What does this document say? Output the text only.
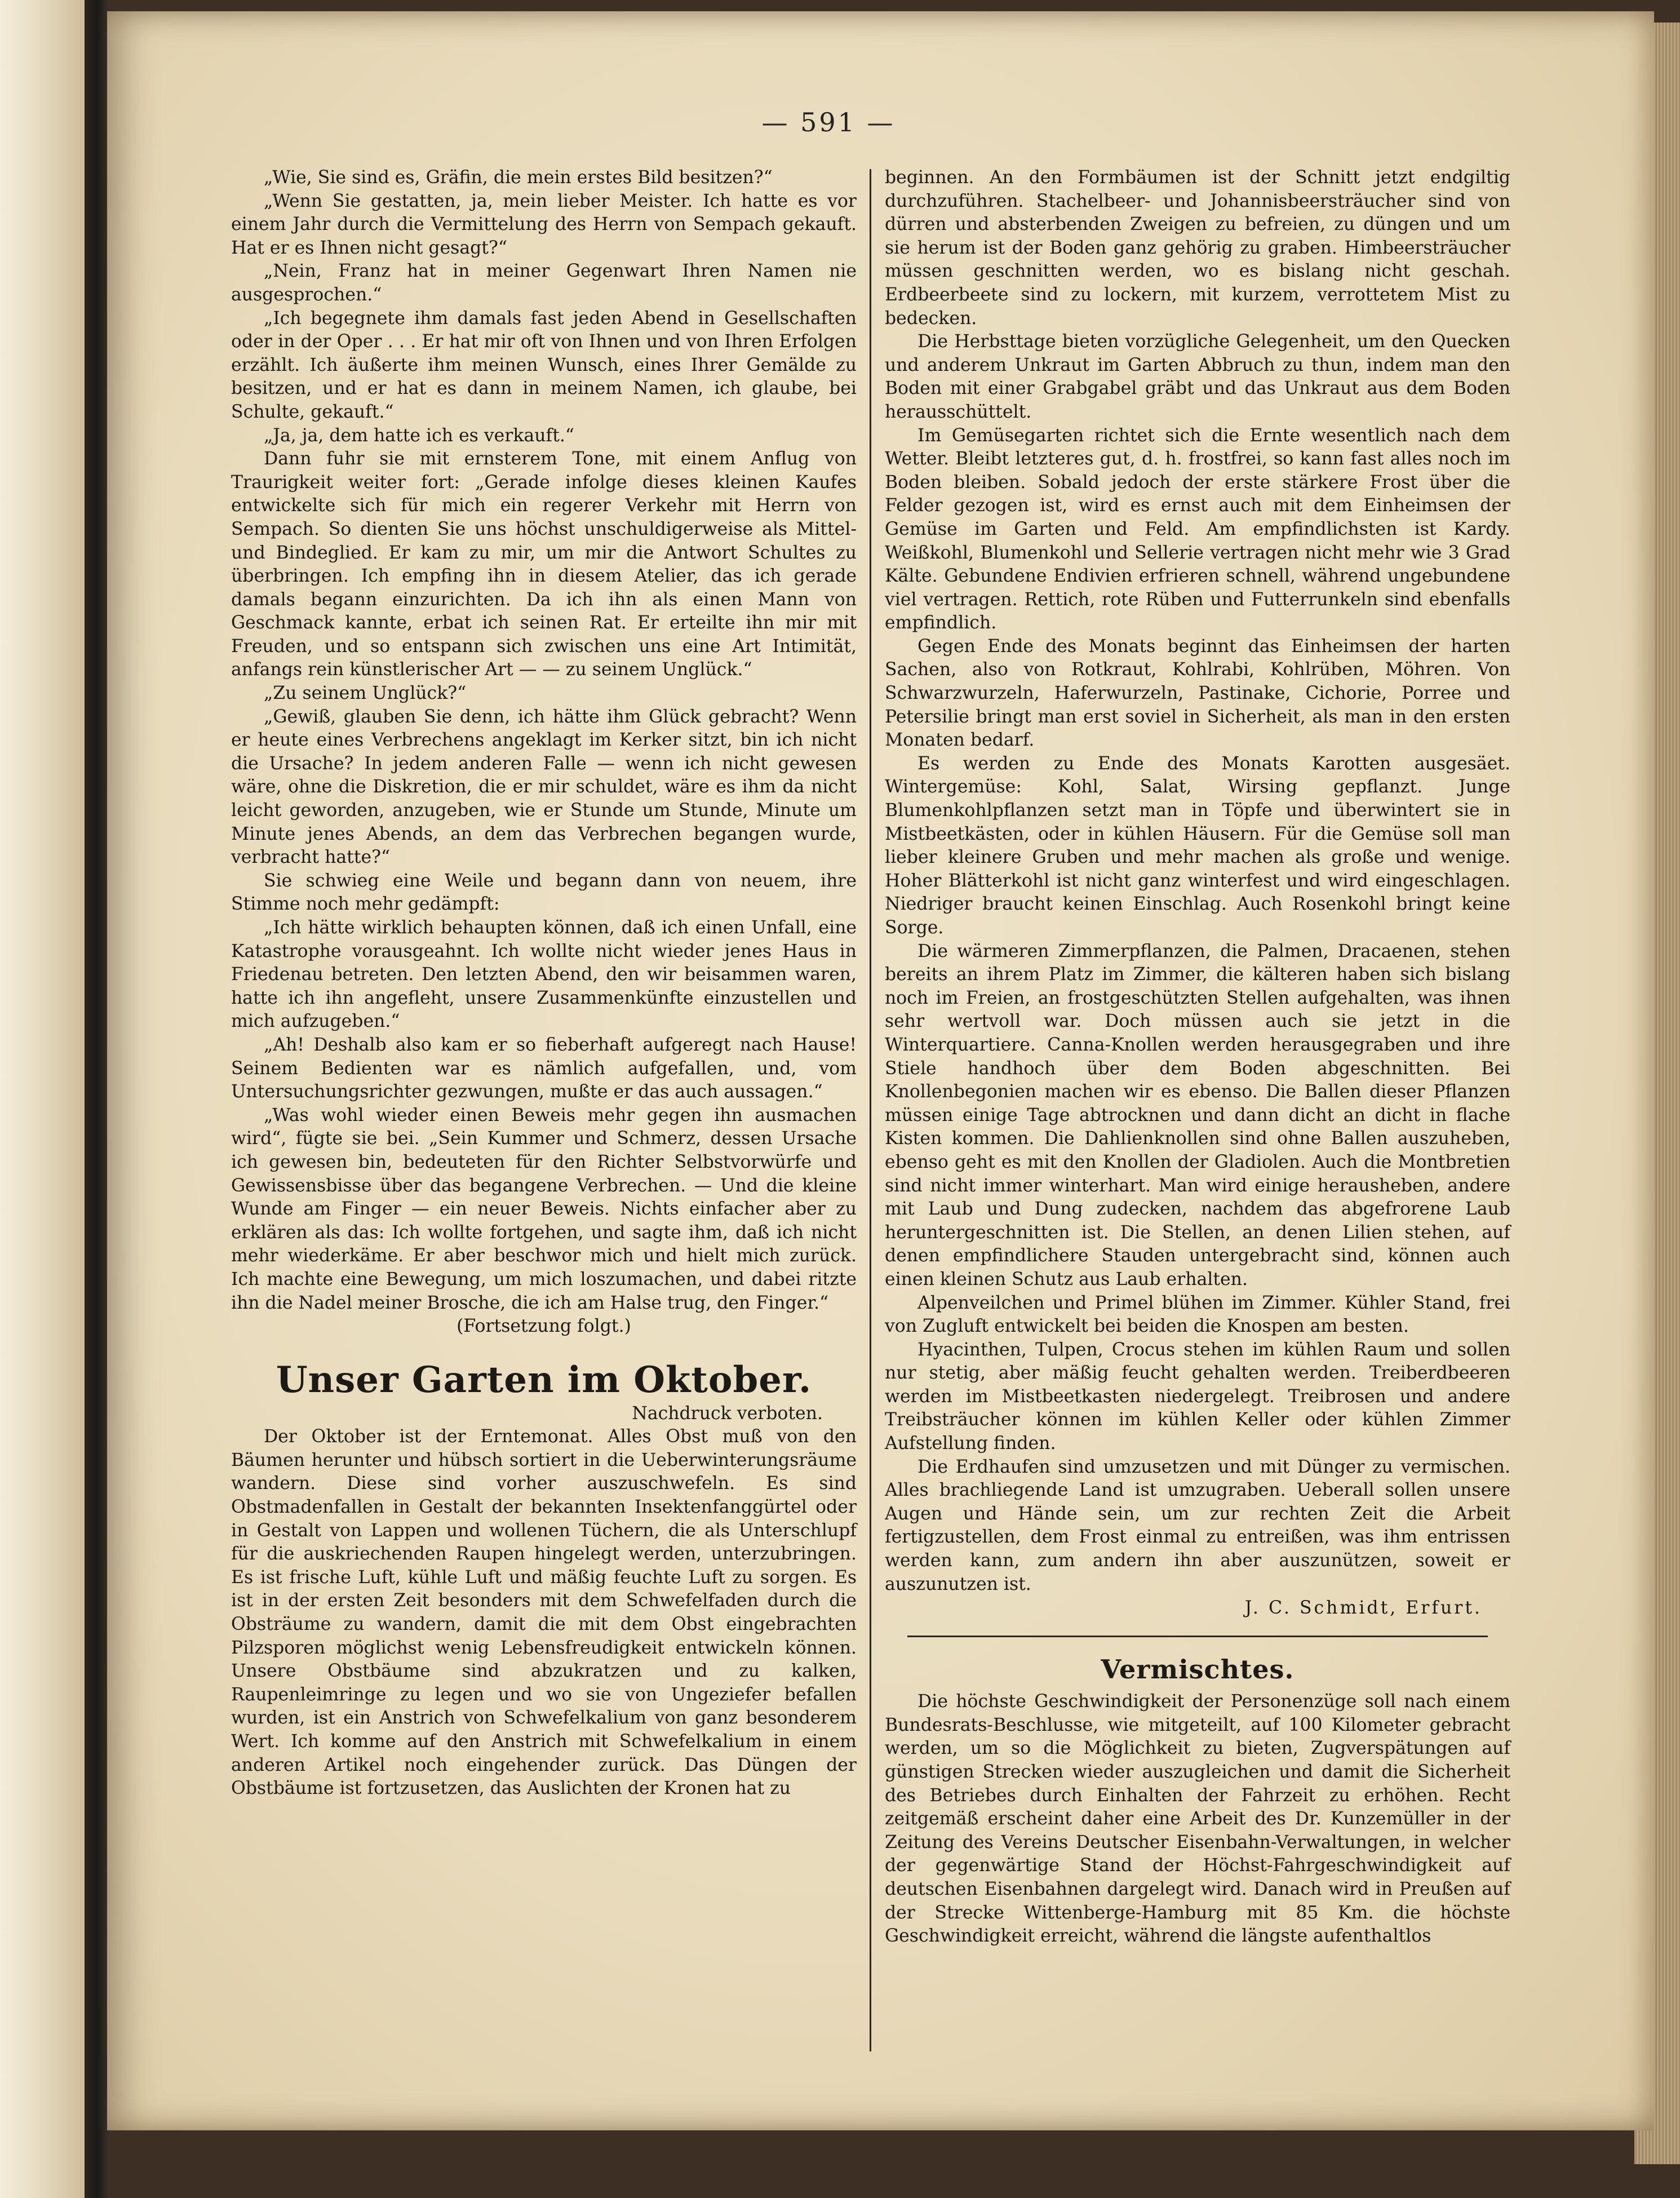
— 591 —

„Wie, Sie sind es, Gräfin, die mein erstes Bild besitzen?“

„Wenn Sie gestatten, ja, mein lieber Meister. Ich hatte es vor einem Jahr durch die Vermittelung des Herrn von Sempach gekauft. Hat er es Ihnen nicht gesagt?“

„Nein, Franz hat in meiner Gegenwart Ihren Namen nie ausgesprochen.“

„Ich begegnete ihm damals fast jeden Abend in Gesellschaften oder in der Oper . . . Er hat mir oft von Ihnen und von Ihren Erfolgen erzählt. Ich äußerte ihm meinen Wunsch, eines Ihrer Gemälde zu besitzen, und er hat es dann in meinem Namen, ich glaube, bei Schulte, gekauft.“

„Ja, ja, dem hatte ich es verkauft.“

Dann fuhr sie mit ernsterem Tone, mit einem Anflug von Traurigkeit weiter fort: „Gerade infolge dieses kleinen Kaufes entwickelte sich für mich ein regerer Verkehr mit Herrn von Sempach. So dienten Sie uns höchst unschuldigerweise als Mittel- und Bindeglied. Er kam zu mir, um mir die Antwort Schultes zu überbringen. Ich empfing ihn in diesem Atelier, das ich gerade damals begann einzurichten. Da ich ihn als einen Mann von Geschmack kannte, erbat ich seinen Rat. Er erteilte ihn mir mit Freuden, und so entspann sich zwischen uns eine Art Intimität, anfangs rein künstlerischer Art — — zu seinem Unglück.“

„Zu seinem Unglück?“

„Gewiß, glauben Sie denn, ich hätte ihm Glück gebracht? Wenn er heute eines Verbrechens angeklagt im Kerker sitzt, bin ich nicht die Ursache? In jedem anderen Falle — wenn ich nicht gewesen wäre, ohne die Diskretion, die er mir schuldet, wäre es ihm da nicht leicht geworden, anzugeben, wie er Stunde um Stunde, Minute um Minute jenes Abends, an dem das Verbrechen begangen wurde, verbracht hatte?“

Sie schwieg eine Weile und begann dann von neuem, ihre Stimme noch mehr gedämpft:

„Ich hätte wirklich behaupten können, daß ich einen Unfall, eine Katastrophe vorausgeahnt. Ich wollte nicht wieder jenes Haus in Friedenau betreten. Den letzten Abend, den wir beisammen waren, hatte ich ihn angefleht, unsere Zusammenkünfte einzustellen und mich aufzugeben.“

„Ah! Deshalb also kam er so fieberhaft aufgeregt nach Hause! Seinem Bedienten war es nämlich aufgefallen, und, vom Untersuchungsrichter gezwungen, mußte er das auch aussagen.“

„Was wohl wieder einen Beweis mehr gegen ihn ausmachen wird“, fügte sie bei. „Sein Kummer und Schmerz, dessen Ursache ich gewesen bin, bedeuteten für den Richter Selbstvorwürfe und Gewissensbisse über das begangene Verbrechen. — Und die kleine Wunde am Finger — ein neuer Beweis. Nichts einfacher aber zu erklären als das: Ich wollte fortgehen, und sagte ihm, daß ich nicht mehr wiederkäme. Er aber beschwor mich und hielt mich zurück. Ich machte eine Bewegung, um mich loszumachen, und dabei ritzte ihn die Nadel meiner Brosche, die ich am Halse trug, den Finger.“

(Fortsetzung folgt.)

Unser Garten im Oktober.

Nachdruck verboten.

Der Oktober ist der Erntemonat. Alles Obst muß von den Bäumen herunter und hübsch sortiert in die Ueberwinterungsräume wandern. Diese sind vorher auszuschwefeln. Es sind Obstmadenfallen in Gestalt der bekannten Insektenfanggürtel oder in Gestalt von Lappen und wollenen Tüchern, die als Unterschlupf für die auskriechenden Raupen hingelegt werden, unterzubringen. Es ist frische Luft, kühle Luft und mäßig feuchte Luft zu sorgen. Es ist in der ersten Zeit besonders mit dem Schwefelfaden durch die Obsträume zu wandern, damit die mit dem Obst eingebrachten Pilzsporen möglichst wenig Lebensfreudigkeit entwickeln können. Unsere Obstbäume sind abzukratzen und zu kalken, Raupenleimringe zu legen und wo sie von Ungeziefer befallen wurden, ist ein Anstrich von Schwefelkalium von ganz besonderem Wert. Ich komme auf den Anstrich mit Schwefelkalium in einem anderen Artikel noch eingehender zurück. Das Düngen der Obstbäume ist fortzusetzen, das Auslichten der Kronen hat zu

beginnen. An den Formbäumen ist der Schnitt jetzt endgiltig durchzuführen. Stachelbeer- und Johannisbeersträucher sind von dürren und absterbenden Zweigen zu befreien, zu düngen und um sie herum ist der Boden ganz gehörig zu graben. Himbeersträucher müssen geschnitten werden, wo es bislang nicht geschah. Erdbeerbeete sind zu lockern, mit kurzem, verrottetem Mist zu bedecken.

Die Herbsttage bieten vorzügliche Gelegenheit, um den Quecken und anderem Unkraut im Garten Abbruch zu thun, indem man den Boden mit einer Grabgabel gräbt und das Unkraut aus dem Boden herausschüttelt.

Im Gemüsegarten richtet sich die Ernte wesentlich nach dem Wetter. Bleibt letzteres gut, d. h. frostfrei, so kann fast alles noch im Boden bleiben. Sobald jedoch der erste stärkere Frost über die Felder gezogen ist, wird es ernst auch mit dem Einheimsen der Gemüse im Garten und Feld. Am empfindlichsten ist Kardy. Weißkohl, Blumenkohl und Sellerie vertragen nicht mehr wie 3 Grad Kälte. Gebundene Endivien erfrieren schnell, während ungebundene viel vertragen. Rettich, rote Rüben und Futterrunkeln sind ebenfalls empfindlich.

Gegen Ende des Monats beginnt das Einheimsen der harten Sachen, also von Rotkraut, Kohlrabi, Kohlrüben, Möhren. Von Schwarzwurzeln, Haferwurzeln, Pastinake, Cichorie, Porree und Petersilie bringt man erst soviel in Sicherheit, als man in den ersten Monaten bedarf.

Es werden zu Ende des Monats Karotten ausgesäet. Wintergemüse: Kohl, Salat, Wirsing gepflanzt. Junge Blumenkohlpflanzen setzt man in Töpfe und überwintert sie in Mistbeetkästen, oder in kühlen Häusern. Für die Gemüse soll man lieber kleinere Gruben und mehr machen als große und wenige. Hoher Blätterkohl ist nicht ganz winterfest und wird eingeschlagen. Niedriger braucht keinen Einschlag. Auch Rosenkohl bringt keine Sorge.

Die wärmeren Zimmerpflanzen, die Palmen, Dracaenen, stehen bereits an ihrem Platz im Zimmer, die kälteren haben sich bislang noch im Freien, an frostgeschützten Stellen aufgehalten, was ihnen sehr wertvoll war. Doch müssen auch sie jetzt in die Winterquartiere. Canna-Knollen werden herausgegraben und ihre Stiele handhoch über dem Boden abgeschnitten. Bei Knollenbegonien machen wir es ebenso. Die Ballen dieser Pflanzen müssen einige Tage abtrocknen und dann dicht an dicht in flache Kisten kommen. Die Dahlienknollen sind ohne Ballen auszuheben, ebenso geht es mit den Knollen der Gladiolen. Auch die Montbretien sind nicht immer winterhart. Man wird einige herausheben, andere mit Laub und Dung zudecken, nachdem das abgefrorene Laub heruntergeschnitten ist. Die Stellen, an denen Lilien stehen, auf denen empfindlichere Stauden untergebracht sind, können auch einen kleinen Schutz aus Laub erhalten.

Alpenveilchen und Primel blühen im Zimmer. Kühler Stand, frei von Zugluft entwickelt bei beiden die Knospen am besten.

Hyacinthen, Tulpen, Crocus stehen im kühlen Raum und sollen nur stetig, aber mäßig feucht gehalten werden. Treiberdbeeren werden im Mistbeetkasten niedergelegt. Treibrosen und andere Treibsträucher können im kühlen Keller oder kühlen Zimmer Aufstellung finden.

Die Erdhaufen sind umzusetzen und mit Dünger zu vermischen. Alles brachliegende Land ist umzugraben. Ueberall sollen unsere Augen und Hände sein, um zur rechten Zeit die Arbeit fertigzustellen, dem Frost einmal zu entreißen, was ihm entrissen werden kann, zum andern ihn aber auszunützen, soweit er auszunutzen ist.

J. C. Schmidt, Erfurt.
Vermischtes.

Die höchste Geschwindigkeit der Personenzüge soll nach einem Bundesrats-Beschlusse, wie mitgeteilt, auf 100 Kilometer gebracht werden, um so die Möglichkeit zu bieten, Zugverspätungen auf günstigen Strecken wieder auszugleichen und damit die Sicherheit des Betriebes durch Einhalten der Fahrzeit zu erhöhen. Recht zeitgemäß erscheint daher eine Arbeit des Dr. Kunzemüller in der Zeitung des Vereins Deutscher Eisenbahn-Verwaltungen, in welcher der gegenwärtige Stand der Höchst-Fahrgeschwindigkeit auf deutschen Eisenbahnen dargelegt wird. Danach wird in Preußen auf der Strecke Wittenberge-Hamburg mit 85 Km. die höchste Geschwindigkeit erreicht, während die längste aufenthaltlos
